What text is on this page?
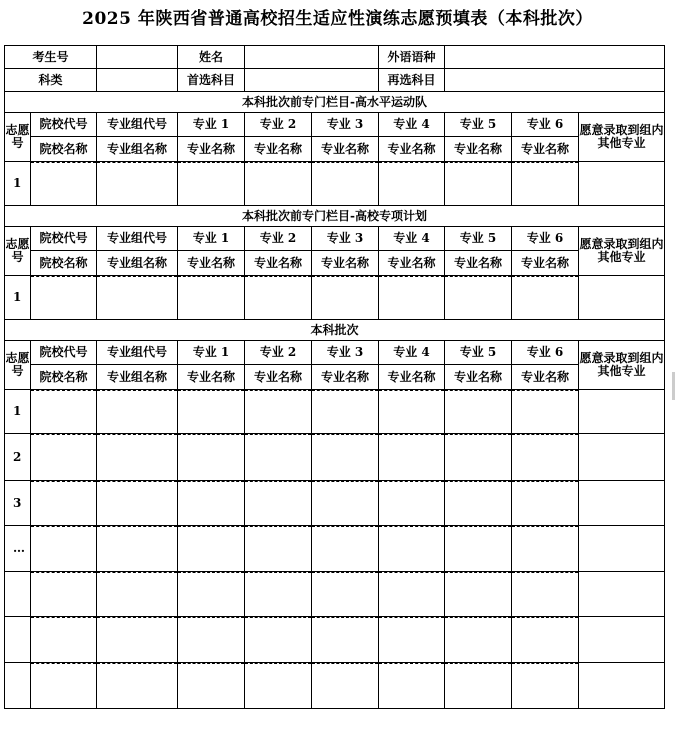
2025 年陕西省普通高校招生适应性演练志愿预填表（本科批次）
考生号			姓名			外语语种			
科类			首选科目			再选科目			
本科批次前专门栏目-高水平运动队									
志愿号	院校代号	专业组代号	专业 1	专业 2	专业 3	专业 4	专业 5	专业 6	愿意录取到组内其他专业
	院校名称	专业组名称	专业名称	专业名称	专业名称	专业名称	专业名称	专业名称	
1	

本科批次前专门栏目-高校专项计划									
志愿号	院校代号	专业组代号	专业 1	专业 2	专业 3	专业 4	专业 5	专业 6	愿意录取到组内其他专业
	院校名称	专业组名称	专业名称	专业名称	专业名称	专业名称	专业名称	专业名称	
1	

本科批次									
志愿号	院校代号	专业组代号	专业 1	专业 2	专业 3	专业 4	专业 5	专业 6	愿意录取到组内其他专业
	院校名称	专业组名称	专业名称	专业名称	专业名称	专业名称	专业名称	专业名称	
1	

2	

3	

…	
